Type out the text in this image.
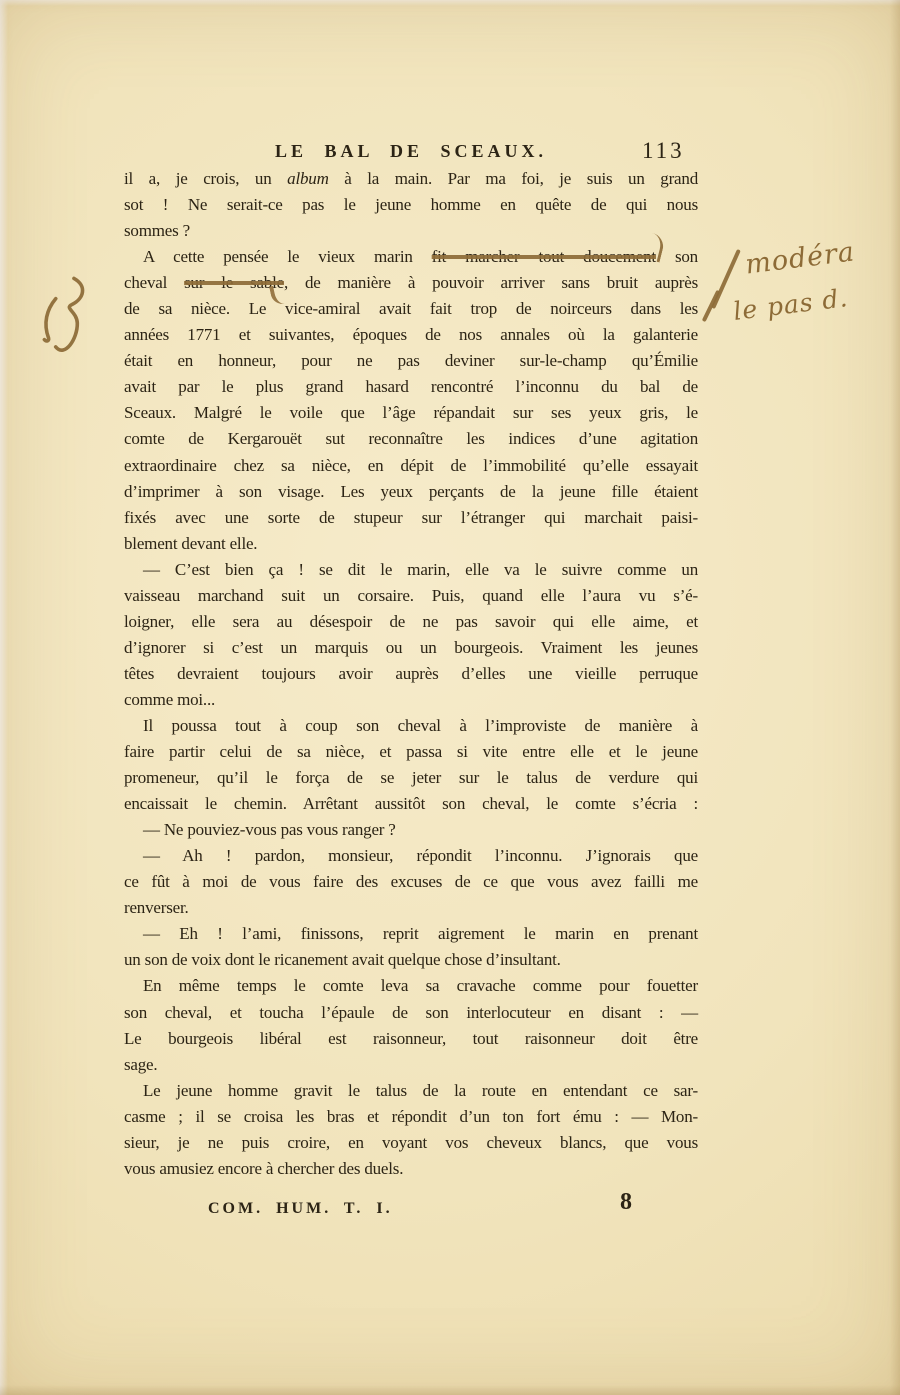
LE BAL DE SCEAUX.	113
il a, je crois, un album à la main. Par ma foi, je suis un grand
sot ! Ne serait-ce pas le jeune homme en quête de qui nous
sommes ?
A cette pensée le vieux marin fit marcher tout doucement son
cheval sur le sable, de manière à pouvoir arriver sans bruit auprès
de sa nièce. Le vice-amiral avait fait trop de noirceurs dans les
années 1771 et suivantes, époques de nos annales où la galanterie
était en honneur, pour ne pas deviner sur-le-champ qu’Émilie
avait par le plus grand hasard rencontré l’inconnu du bal de
Sceaux. Malgré le voile que l’âge répandait sur ses yeux gris, le
comte de Kergarouët sut reconnaître les indices d’une agitation
extraordinaire chez sa nièce, en dépit de l’immobilité qu’elle essayait
d’imprimer à son visage. Les yeux perçants de la jeune fille étaient
fixés avec une sorte de stupeur sur l’étranger qui marchait paisi-
blement devant elle.
— C’est bien ça ! se dit le marin, elle va le suivre comme un
vaisseau marchand suit un corsaire. Puis, quand elle l’aura vu s’é-
loigner, elle sera au désespoir de ne pas savoir qui elle aime, et
d’ignorer si c’est un marquis ou un bourgeois. Vraiment les jeunes
têtes devraient toujours avoir auprès d’elles une vieille perruque
comme moi...
Il poussa tout à coup son cheval à l’improviste de manière à
faire partir celui de sa nièce, et passa si vite entre elle et le jeune
promeneur, qu’il le força de se jeter sur le talus de verdure qui
encaissait le chemin. Arrêtant aussitôt son cheval, le comte s’écria :
— Ne pouviez-vous pas vous ranger ?
— Ah ! pardon, monsieur, répondit l’inconnu. J’ignorais que
ce fût à moi de vous faire des excuses de ce que vous avez failli me
renverser.
— Eh ! l’ami, finissons, reprit aigrement le marin en prenant
un son de voix dont le ricanement avait quelque chose d’insultant.
En même temps le comte leva sa cravache comme pour fouetter
son cheval, et toucha l’épaule de son interlocuteur en disant : —
Le bourgeois libéral est raisonneur, tout raisonneur doit être
sage.
Le jeune homme gravit le talus de la route en entendant ce sar-
casme ; il se croisa les bras et répondit d’un ton fort ému : — Mon-
sieur, je ne puis croire, en voyant vos cheveux blancs, que vous
vous amusiez encore à chercher des duels.
modéra
le pas d.
COM. HUM. T. I.	8
